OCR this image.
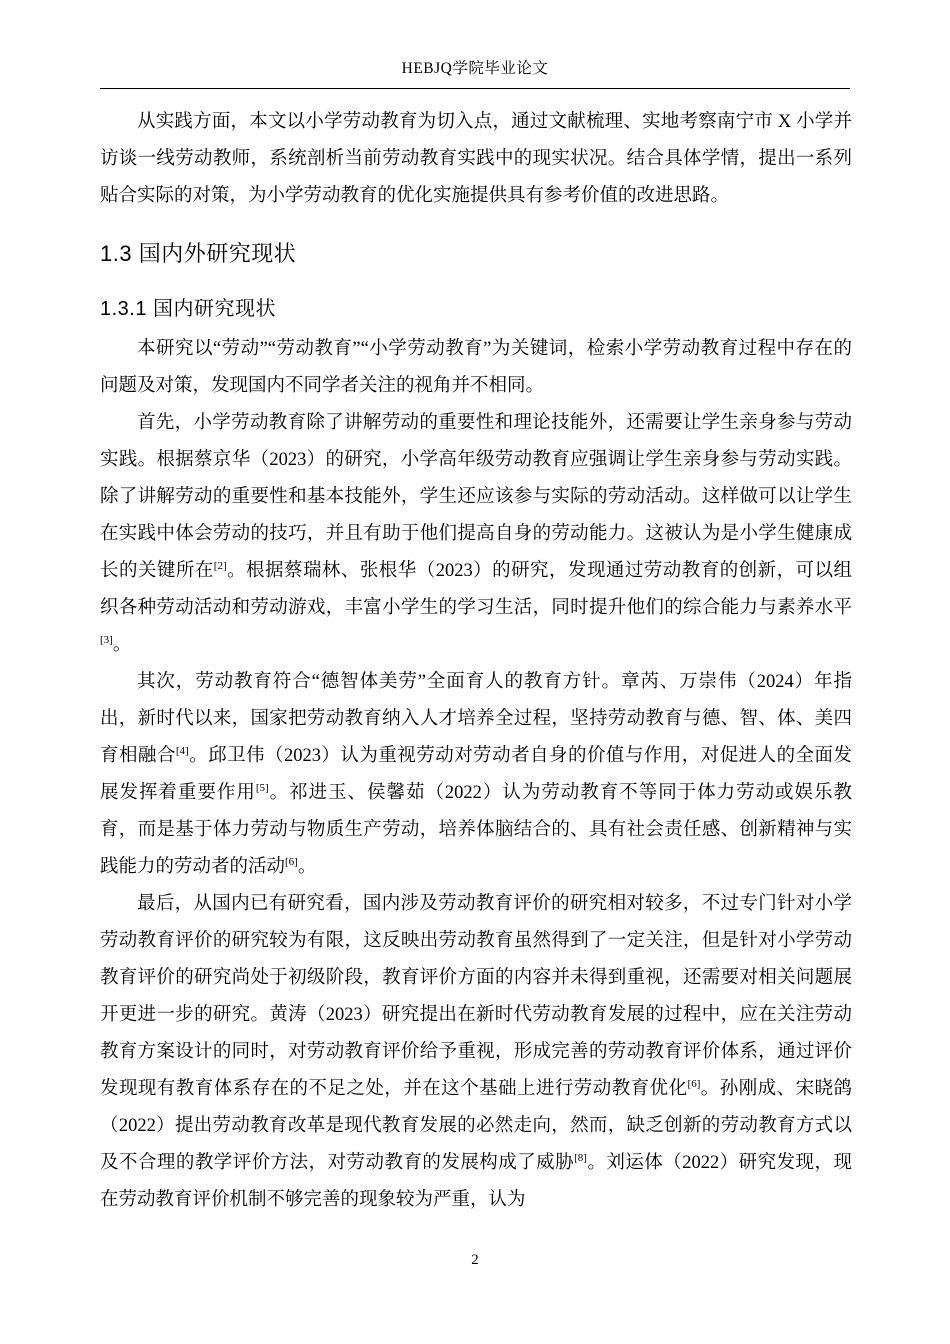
HEBJQ学院毕业论文

从实践方面，本文以小学劳动教育为切入点，通过文献梳理、实地考察南宁市 X 小学并访谈一线劳动教师，系统剖析当前劳动教育实践中的现实状况。结合具体学情，提出一系列贴合实际的对策，为小学劳动教育的优化实施提供具有参考价值的改进思路。

1.3 国内外研究现状
1.3.1 国内研究现状

本研究以“劳动”“劳动教育”“小学劳动教育”为关键词，检索小学劳动教育过程中存在的问题及对策，发现国内不同学者关注的视角并不相同。

首先，小学劳动教育除了讲解劳动的重要性和理论技能外，还需要让学生亲身参与劳动实践。根据蔡京华（2023）的研究，小学高年级劳动教育应强调让学生亲身参与劳动实践。除了讲解劳动的重要性和基本技能外，学生还应该参与实际的劳动活动。这样做可以让学生在实践中体会劳动的技巧，并且有助于他们提高自身的劳动能力。这被认为是小学生健康成长的关键所在[2]。根据蔡瑞林、张根华（2023）的研究，发现通过劳动教育的创新，可以组织各种劳动活动和劳动游戏，丰富小学生的学习生活，同时提升他们的综合能力与素养水平[3]。

其次，劳动教育符合“德智体美劳”全面育人的教育方针。章芮、万崇伟（2024）年指出，新时代以来，国家把劳动教育纳入人才培养全过程，坚持劳动教育与德、智、体、美四育相融合[4]。邱卫伟（2023）认为重视劳动对劳动者自身的价值与作用，对促进人的全面发展发挥着重要作用[5]。祁进玉、侯馨茹（2022）认为劳动教育不等同于体力劳动或娱乐教育，而是基于体力劳动与物质生产劳动，培养体脑结合的、具有社会责任感、创新精神与实践能力的劳动者的活动[6]。

最后，从国内已有研究看，国内涉及劳动教育评价的研究相对较多，不过专门针对小学劳动教育评价的研究较为有限，这反映出劳动教育虽然得到了一定关注，但是针对小学劳动教育评价的研究尚处于初级阶段，教育评价方面的内容并未得到重视，还需要对相关问题展开更进一步的研究。黄涛（2023）研究提出在新时代劳动教育发展的过程中，应在关注劳动教育方案设计的同时，对劳动教育评价给予重视，形成完善的劳动教育评价体系，通过评价发现现有教育体系存在的不足之处，并在这个基础上进行劳动教育优化[6]。孙刚成、宋晓鸽（2022）提出劳动教育改革是现代教育发展的必然走向，然而，缺乏创新的劳动教育方式以及不合理的教学评价方法，对劳动教育的发展构成了威胁[8]。刘运体（2022）研究发现，现在劳动教育评价机制不够完善的现象较为严重，认为

2
